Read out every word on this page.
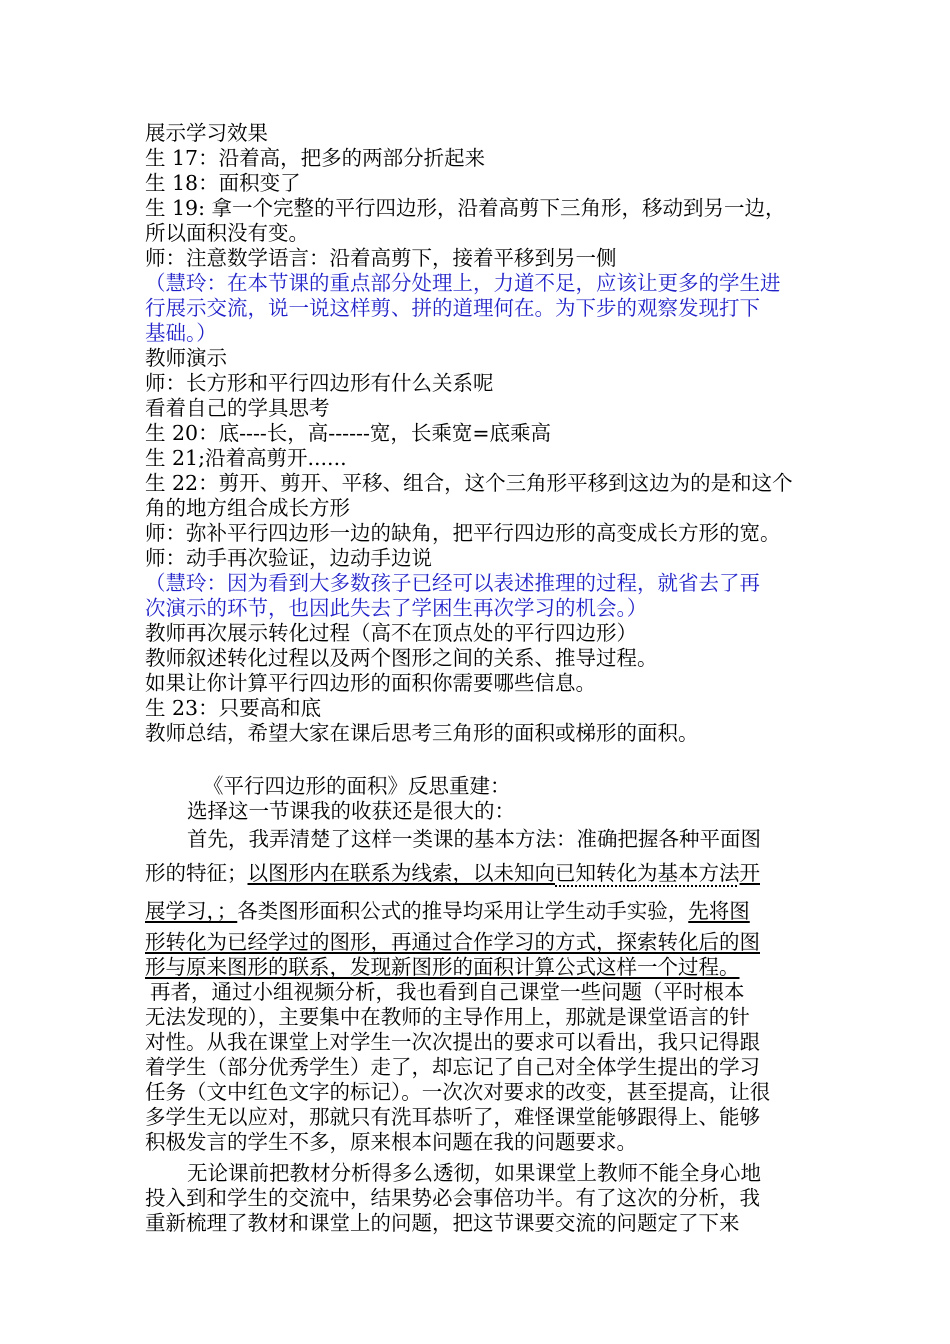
展示学习效果
生 17：沿着高，把多的两部分折起来
生 18：面积变了
生 19: 拿一个完整的平行四边形，沿着高剪下三角形，移动到另一边，
所以面积没有变。
师：注意数学语言：沿着高剪下，接着平移到另一侧
（慧玲：在本节课的重点部分处理上，力道不足，应该让更多的学生进
行展示交流，说一说这样剪、拼的道理何在。为下步的观察发现打下
基础。）
教师演示
师：长方形和平行四边形有什么关系呢
看着自己的学具思考
生 20：底----长，高------宽，长乘宽=底乘高
生 21;沿着高剪开......
生 22：剪开、剪开、平移、组合，这个三角形平移到这边为的是和这个
角的地方组合成长方形
师：弥补平行四边形一边的缺角，把平行四边形的高变成长方形的宽。
师：动手再次验证，边动手边说
（慧玲：因为看到大多数孩子已经可以表述推理的过程，就省去了再
次演示的环节，也因此失去了学困生再次学习的机会。）
教师再次展示转化过程（高不在顶点处的平行四边形）
教师叙述转化过程以及两个图形之间的关系、推导过程。
如果让你计算平行四边形的面积你需要哪些信息。
生 23：只要高和底
教师总结，希望大家在课后思考三角形的面积或梯形的面积。
《平行四边形的面积》反思重建：
选择这一节课我的收获还是很大的：
首先，我弄清楚了这样一类课的基本方法：准确把握各种平面图
形的特征；以图形内在联系为线索，以未知向已知转化为基本方法开
展学习，；各类图形面积公式的推导均采用让学生动手实验，先将图
形转化为已经学过的图形，再通过合作学习的方式，探索转化后的图
形与原来图形的联系，发现新图形的面积计算公式这样一个过程。
再者，通过小组视频分析，我也看到自己课堂一些问题（平时根本
无法发现的），主要集中在教师的主导作用上，那就是课堂语言的针
对性。从我在课堂上对学生一次次提出的要求可以看出，我只记得跟
着学生（部分优秀学生）走了，却忘记了自己对全体学生提出的学习
任务（文中红色文字的标记）。一次次对要求的改变，甚至提高，让很
多学生无以应对，那就只有洗耳恭听了，难怪课堂能够跟得上、能够
积极发言的学生不多，原来根本问题在我的问题要求。
无论课前把教材分析得多么透彻，如果课堂上教师不能全身心地
投入到和学生的交流中，结果势必会事倍功半。有了这次的分析，我
重新梳理了教材和课堂上的问题，把这节课要交流的问题定了下来
